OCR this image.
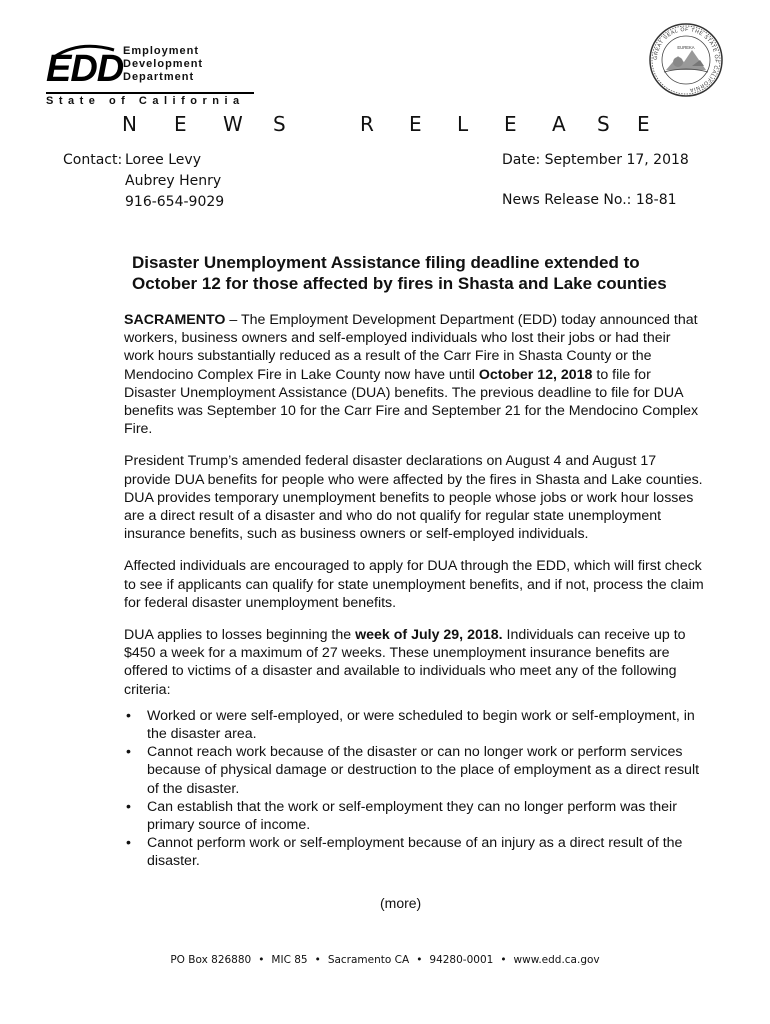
EDD Employment
Development
Department
State of California
GREAT SEAL OF THE STATE OF CALIFORNIA
EUREKA
N E W S	R E L E A S E
Contact: Loree Levy
Aubrey Henry
916-654-9029
Date: September 17, 2018
News Release No.: 18-81
Disaster Unemployment Assistance filing deadline extended to
October 12 for those affected by fires in Shasta and Lake counties

SACRAMENTO – The Employment Development Department (EDD) today announced that workers, business owners and self-employed individuals who lost their jobs or had their work hours substantially reduced as a result of the Carr Fire in Shasta County or the Mendocino Complex Fire in Lake County now have until October 12, 2018 to file for Disaster Unemployment Assistance (DUA) benefits. The previous deadline to file for DUA benefits was September 10 for the Carr Fire and September 21 for the Mendocino Complex Fire.

President Trump’s amended federal disaster declarations on August 4 and August 17 provide DUA benefits for people who were affected by the fires in Shasta and Lake counties. DUA provides temporary unemployment benefits to people whose jobs or work hour losses are a direct result of a disaster and who do not qualify for regular state unemployment insurance benefits, such as business owners or self-employed individuals.

Affected individuals are encouraged to apply for DUA through the EDD, which will first check to see if applicants can qualify for state unemployment benefits, and if not, process the claim for federal disaster unemployment benefits.

DUA applies to losses beginning the week of July 29, 2018. Individuals can receive up to $450 a week for a maximum of 27 weeks. These unemployment insurance benefits are offered to victims of a disaster and available to individuals who meet any of the following criteria:

• Worked or were self-employed, or were scheduled to begin work or self-employment, in the disaster area.
• Cannot reach work because of the disaster or can no longer work or perform services because of physical damage or destruction to the place of employment as a direct result of the disaster.
• Can establish that the work or self-employment they can no longer perform was their primary source of income.
• Cannot perform work or self-employment because of an injury as a direct result of the disaster.
(more)
PO Box 826880 • MIC 85 • Sacramento CA • 94280-0001 • www.edd.ca.gov
